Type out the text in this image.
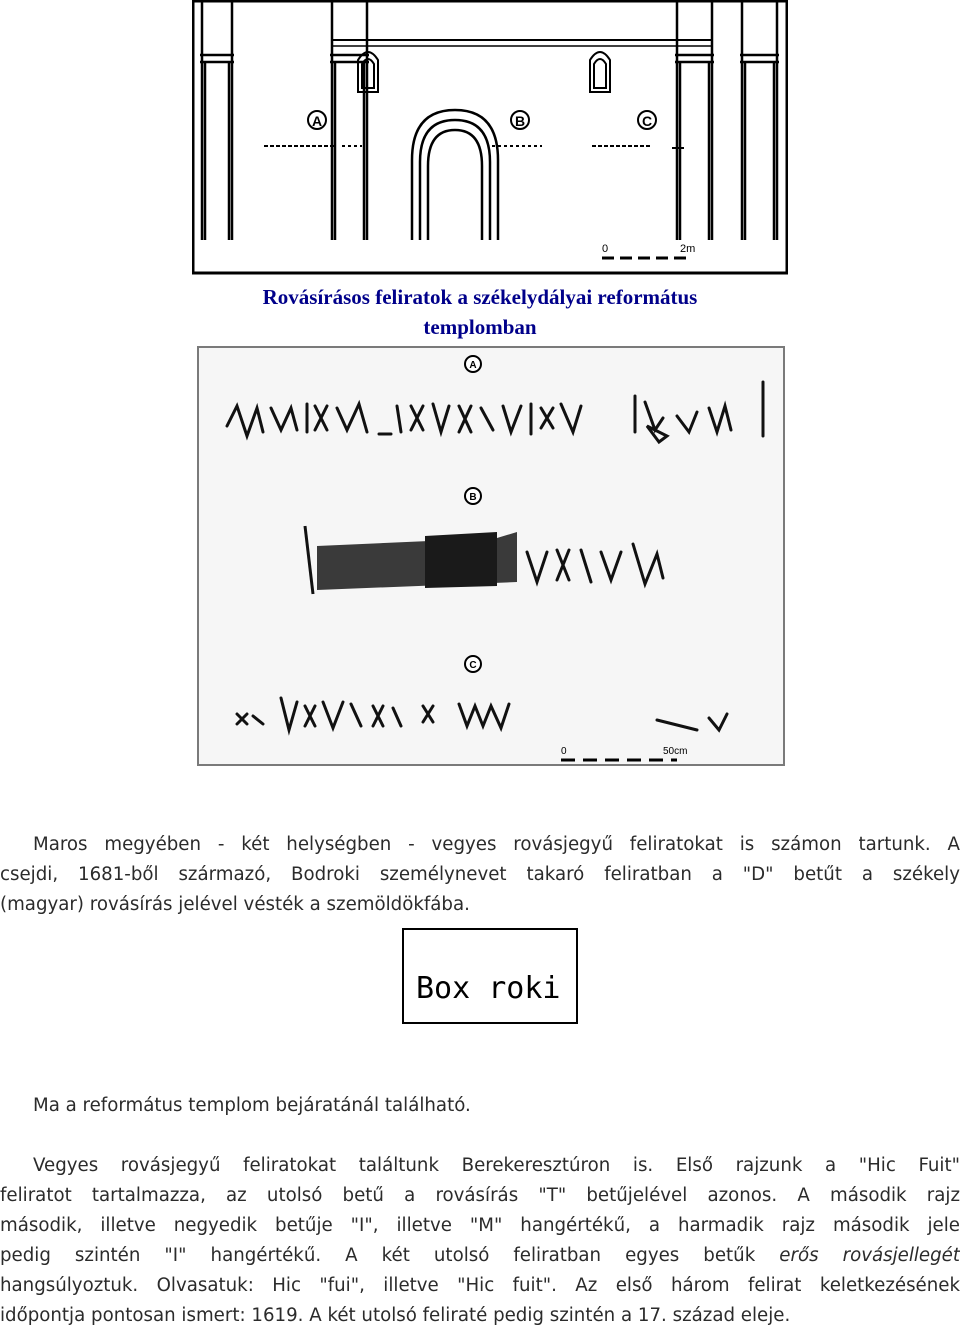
A	B	C
0	2m
Rovásírásos feliratok a székelydályai református
templomban
A
B
C
0	50cm
Maros megyében - két helységben - vegyes rovásjegyű feliratokat is számon tartunk. A
csejdi, 1681-ből származó, Bodroki személynevet takaró feliratban a "D" betűt a székely
(magyar) rovásírás jelével vésték a szemöldökfába.
Box roki
Ma a református templom bejáratánál található.
Vegyes rovásjegyű feliratokat találtunk Berekeresztúron is. Első rajzunk a "Hic Fuit"
feliratot tartalmazza, az utolsó betű a rovásírás "T" betűjelével azonos. A második rajz
második, illetve negyedik betűje "I", illetve "M" hangértékű, a harmadik rajz második jele
pedig szintén "I" hangértékű. A két utolsó feliratban egyes betűk erős rovásjellegét
hangsúlyoztuk. Olvasatuk: Hic "fui", illetve "Hic fuit". Az első három felirat keletkezésének
időpontja pontosan ismert: 1619. A két utolsó feliraté pedig szintén a 17. század eleje.
